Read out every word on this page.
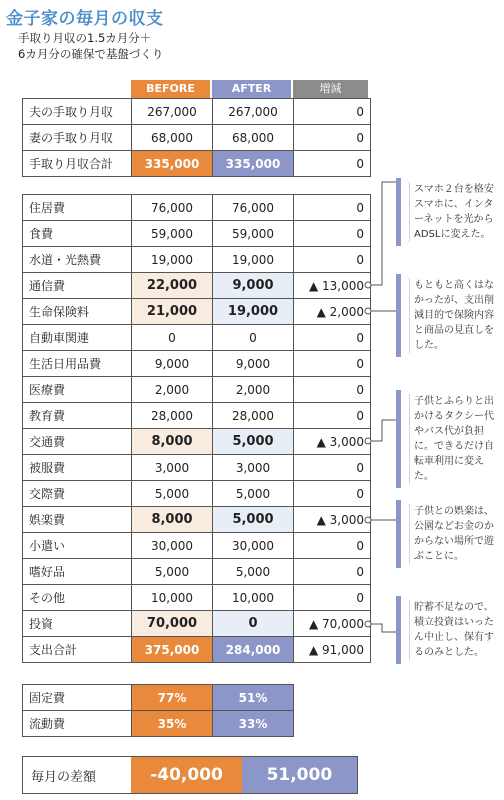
金子家の毎月の収支
手取り月収の1.5カ月分＋
6カ月分の確保で基盤づくり
BEFORE	AFTER	増減
夫の手取り月収	267,000	267,000	0
妻の手取り月収	68,000	68,000	0
手取り月収合計	335,000	335,000	0
住居費	76,000	76,000	0
食費	59,000	59,000	0
水道・光熱費	19,000	19,000	0
通信費	22,000	9,000	▲ 13,000
生命保険料	21,000	19,000	▲ 2,000
自動車関連	0	0	0
生活日用品費	9,000	9,000	0
医療費	2,000	2,000	0
教育費	28,000	28,000	0
交通費	8,000	5,000	▲ 3,000
被服費	3,000	3,000	0
交際費	5,000	5,000	0
娯楽費	8,000	5,000	▲ 3,000
小遣い	30,000	30,000	0
嗜好品	5,000	5,000	0
その他	10,000	10,000	0
投資	70,000	0	▲ 70,000
支出合計	375,000	284,000	▲ 91,000
固定費	77%	51%
流動費	35%	33%
毎月の差額	-40,000	51,000
スマホ２台を格安スマホに、インターネットを光からADSLに変えた。
もともと高くはなかったが、支出削減目的で保険内容と商品の見直しをした。
子供とふらりと出かけるタクシー代やバス代が負担に。できるだけ自転車利用に変えた。
子供との娯楽は、公園などお金のかからない場所で遊ぶことに。
貯蓄不足なので、積立投資はいったん中止し、保有するのみとした。
